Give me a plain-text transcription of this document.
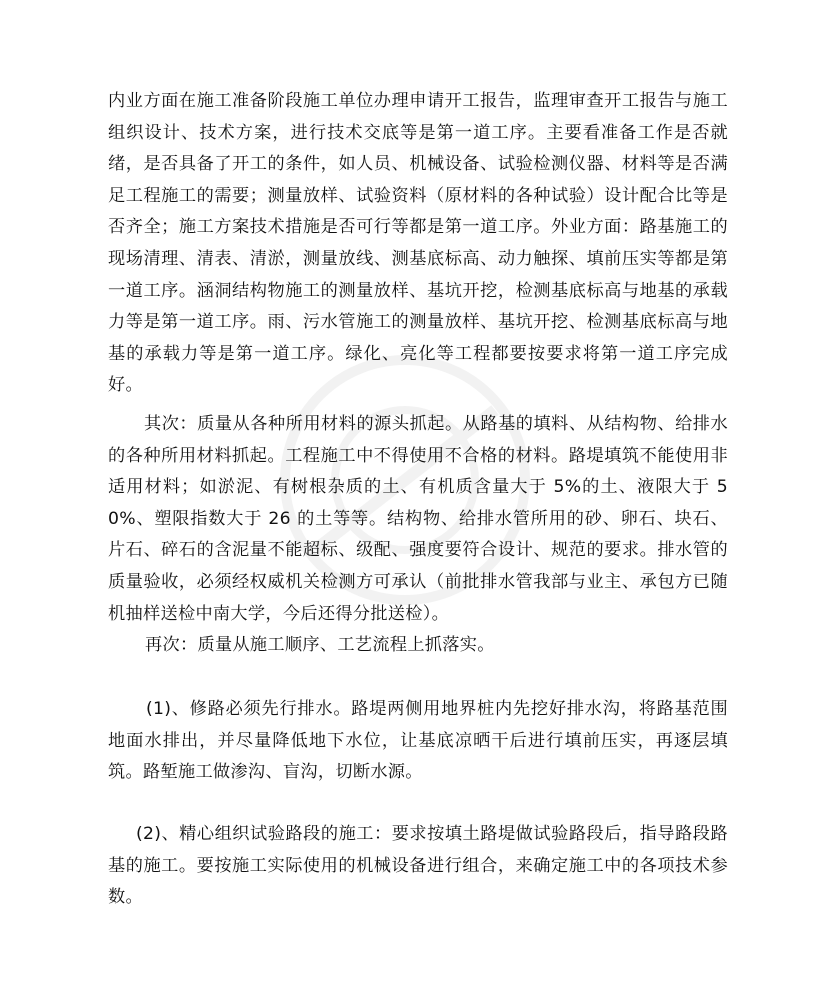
内业方面在施工准备阶段施工单位办理申请开工报告，监理审查开工报告与施工组织设计、技术方案，进行技术交底等是第一道工序。主要看准备工作是否就绪，是否具备了开工的条件，如人员、机械设备、试验检测仪器、材料等是否满足工程施工的需要；测量放样、试验资料（原材料的各种试验）设计配合比等是否齐全；施工方案技术措施是否可行等都是第一道工序。外业方面：路基施工的现场清理、清表、清淤，测量放线、测基底标高、动力触探、填前压实等都是第一道工序。涵洞结构物施工的测量放样、基坑开挖，检测基底标高与地基的承载力等是第一道工序。雨、污水管施工的测量放样、基坑开挖、检测基底标高与地基的承载力等是第一道工序。绿化、亮化等工程都要按要求将第一道工序完成好。

其次：质量从各种所用材料的源头抓起。从路基的填料、从结构物、给排水的各种所用材料抓起。工程施工中不得使用不合格的材料。路堤填筑不能使用非适用材料；如淤泥、有树根杂质的土、有机质含量大于 5%的土、液限大于 50%、塑限指数大于 26 的土等等。结构物、给排水管所用的砂、卵石、块石、片石、碎石的含泥量不能超标、级配、强度要符合设计、规范的要求。排水管的质量验收，必须经权威机关检测方可承认（前批排水管我部与业主、承包方已随机抽样送检中南大学，今后还得分批送检）。

再次：质量从施工顺序、工艺流程上抓落实。

(1)、修路必须先行排水。路堤两侧用地界桩内先挖好排水沟，将路基范围地面水排出，并尽量降低地下水位，让基底凉晒干后进行填前压实，再逐层填筑。路堑施工做渗沟、盲沟，切断水源。

(2)、精心组织试验路段的施工：要求按填土路堤做试验路段后，指导路段路基的施工。要按施工实际使用的机械设备进行组合，来确定施工中的各项技术参数。
